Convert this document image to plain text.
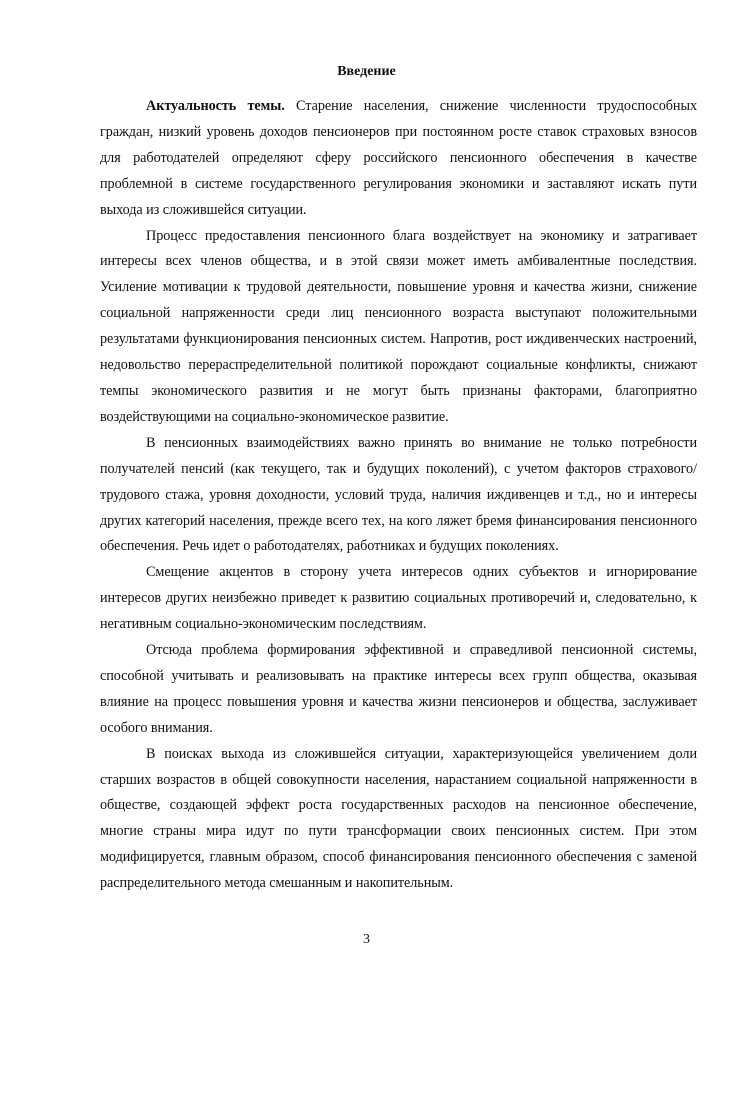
Введение

Актуальность темы. Старение населения, снижение численности трудоспособных граждан, низкий уровень доходов пенсионеров при постоянном росте ставок страховых взносов для работодателей определяют сферу российского пенсионного обеспечения в качестве проблемной в системе государственного регулирования экономики и заставляют искать пути выхода из сложившейся ситуации.

Процесс предоставления пенсионного блага воздействует на экономику и затрагивает интересы всех членов общества, и в этой связи может иметь амбивалентные последствия. Усиление мотивации к трудовой деятельности, повышение уровня и качества жизни, снижение социальной напряженности среди лиц пенсионного возраста выступают положительными результатами функционирования пенсионных систем. Напротив, рост иждивенческих настроений, недовольство перераспределительной политикой порождают социальные конфликты, снижают темпы экономического развития и не могут быть признаны факторами, благоприятно воздействующими на социально-экономическое развитие.

В пенсионных взаимодействиях важно принять во внимание не только потребности получателей пенсий (как текущего, так и будущих поколений), с учетом факторов страхового/трудового стажа, уровня доходности, условий труда, наличия иждивенцев и т.д., но и интересы других категорий населения, прежде всего тех, на кого ляжет бремя финансирования пенсионного обеспечения. Речь идет о работодателях, работниках и будущих поколениях.

Смещение акцентов в сторону учета интересов одних субъектов и игнорирование интересов других неизбежно приведет к развитию социальных противоречий и, следовательно, к негативным социально-экономическим последствиям.

Отсюда проблема формирования эффективной и справедливой пенсионной системы, способной учитывать и реализовывать на практике интересы всех групп общества, оказывая влияние на процесс повышения уровня и качества жизни пенсионеров и общества, заслуживает особого внимания.

В поисках выхода из сложившейся ситуации, характеризующейся увеличением доли старших возрастов в общей совокупности населения, нарастанием социальной напряженности в обществе, создающей эффект роста государственных расходов на пенсионное обеспечение, многие страны мира идут по пути трансформации своих пенсионных систем. При этом модифицируется, главным образом, способ финансирования пенсионного обеспечения с заменой распределительного метода смешанным и накопительным.

3
